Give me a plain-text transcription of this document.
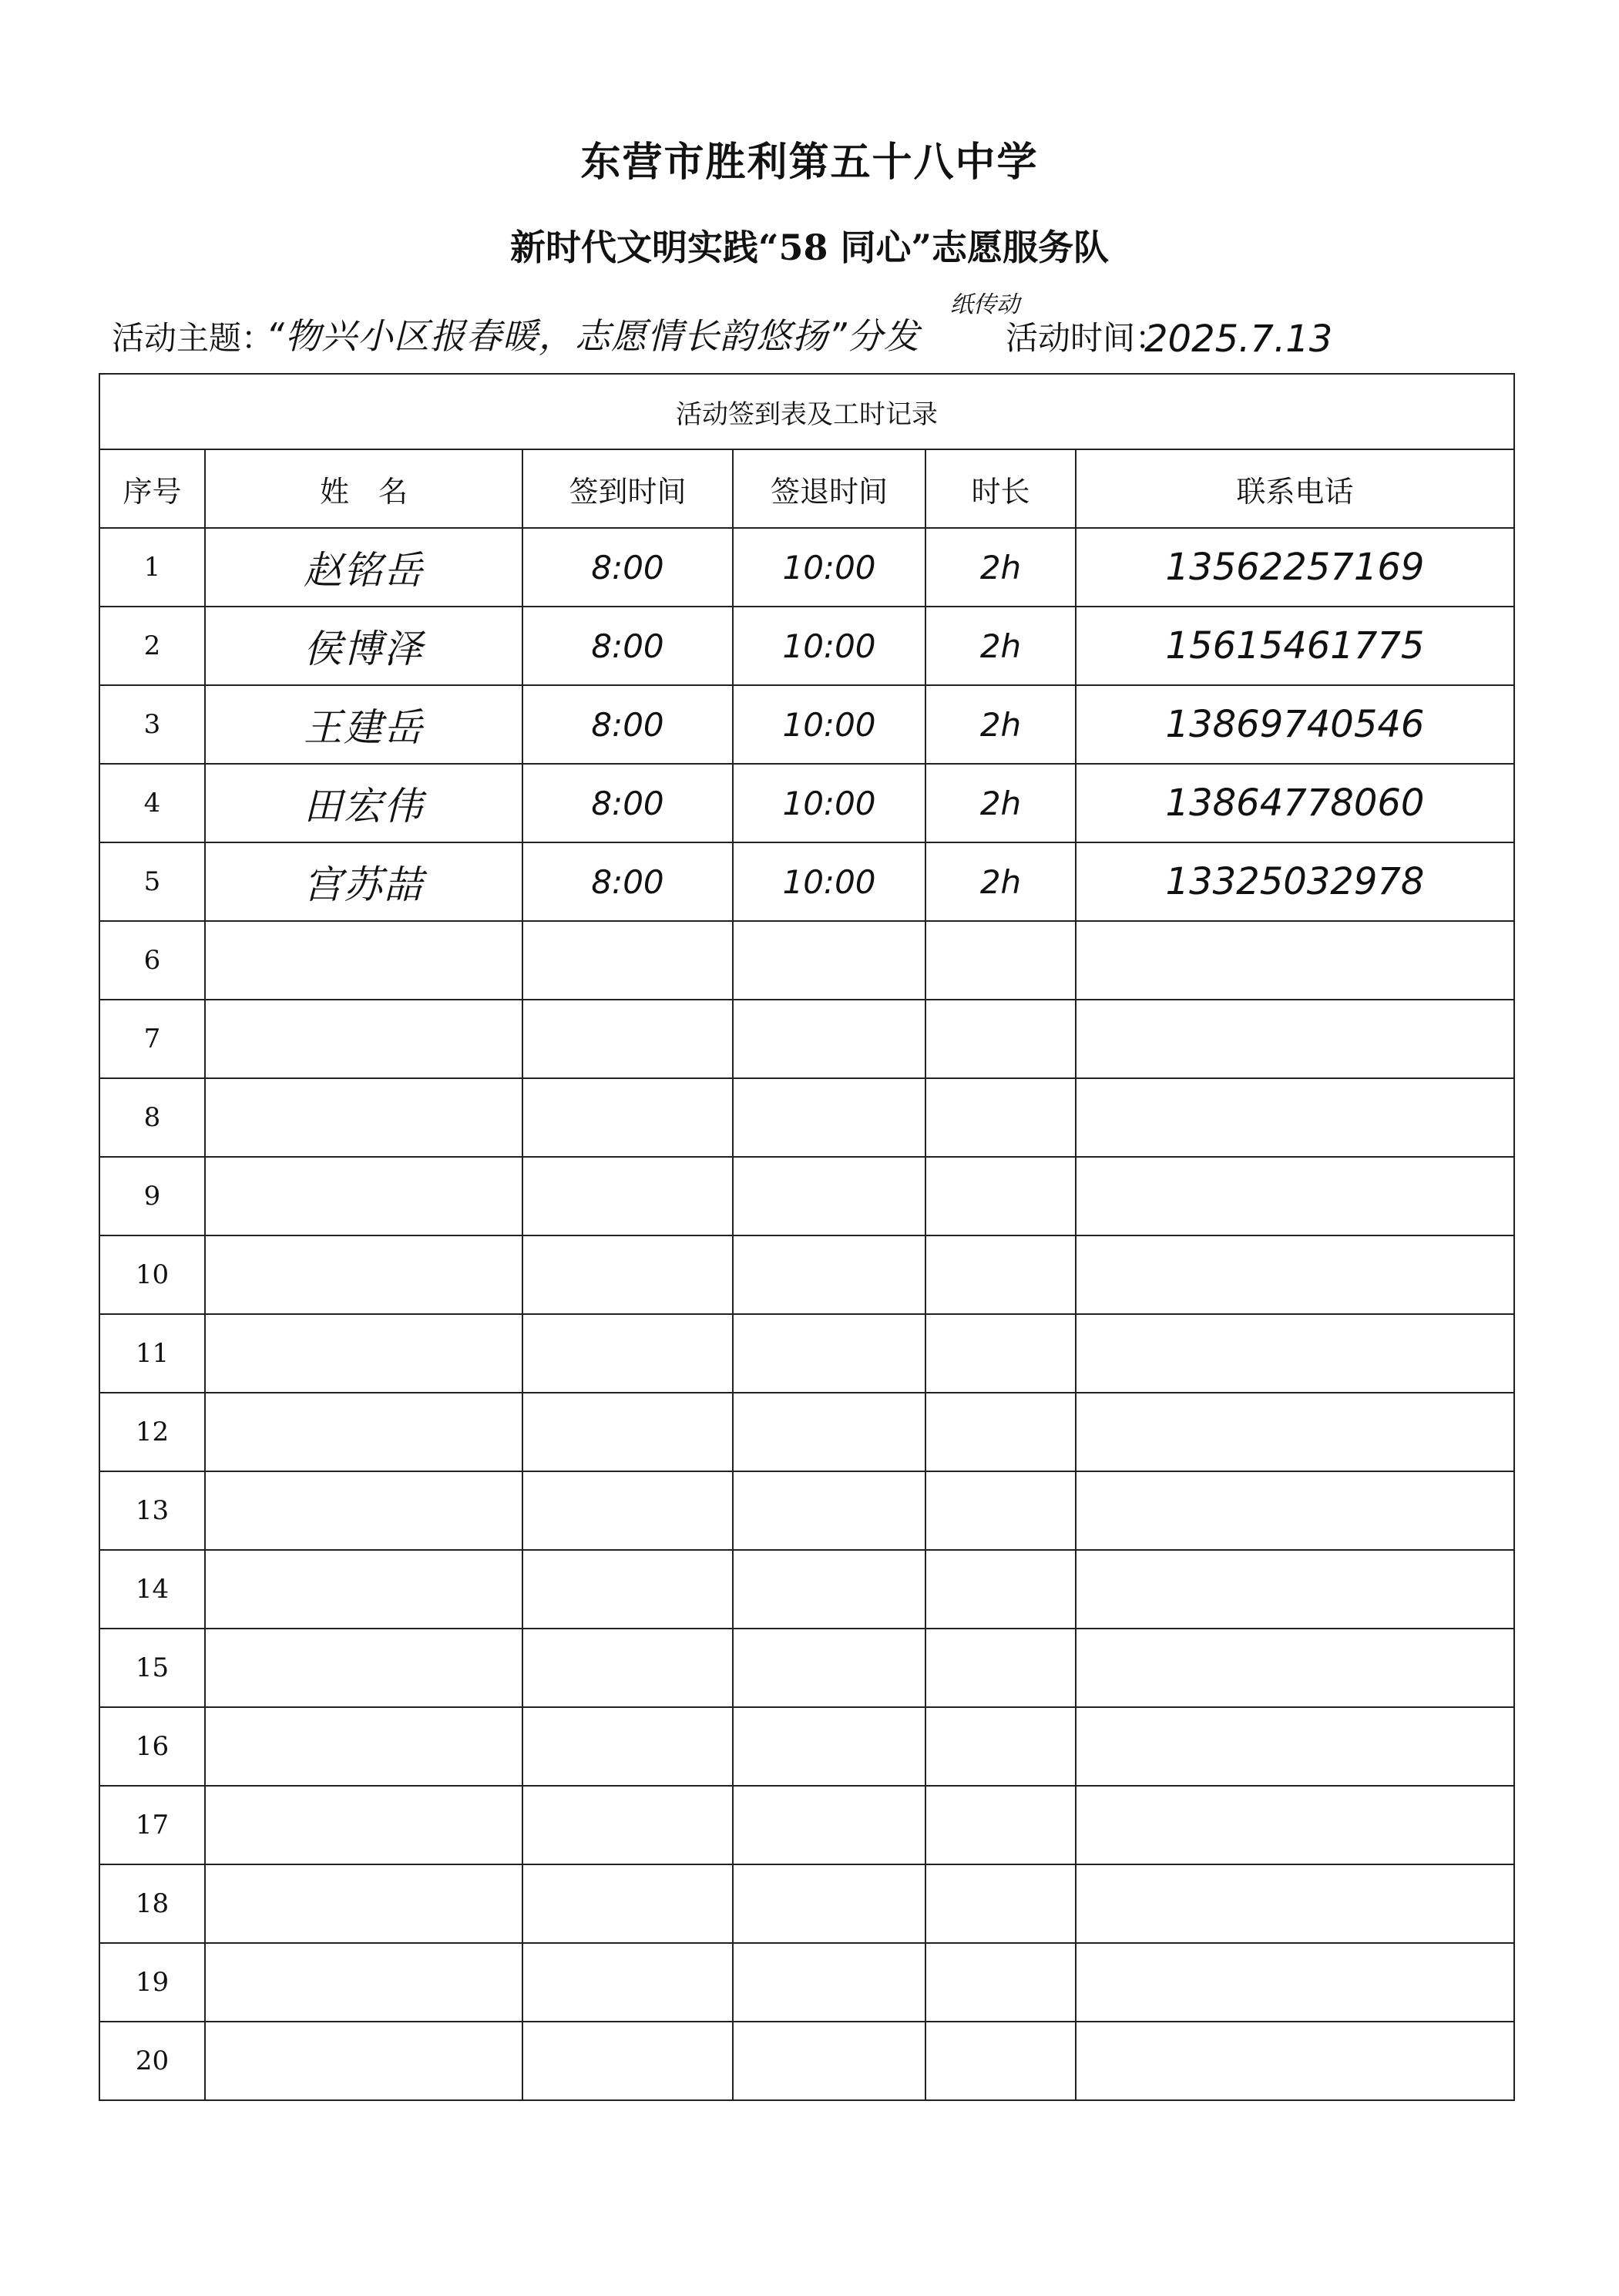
东营市胜利第五十八中学
新时代文明实践“58 同心”志愿服务队
活动主题：
“物兴小区报春暖，志愿情长韵悠扬”分发
纸传动
活动时间：
2025.7.13
活动签到表及工时记录					
序号	姓　名	签到时间	签退时间	时长	联系电话
1	赵铭岳	8:00	10:00	2h	13562257169
2	侯博泽	8:00	10:00	2h	15615461775
3	王建岳	8:00	10:00	2h	13869740546
4	田宏伟	8:00	10:00	2h	13864778060
5	宫苏喆	8:00	10:00	2h	13325032978
6					
7					
8					
9					
10					
11					
12					
13					
14					
15					
16					
17					
18					
19					
20					
